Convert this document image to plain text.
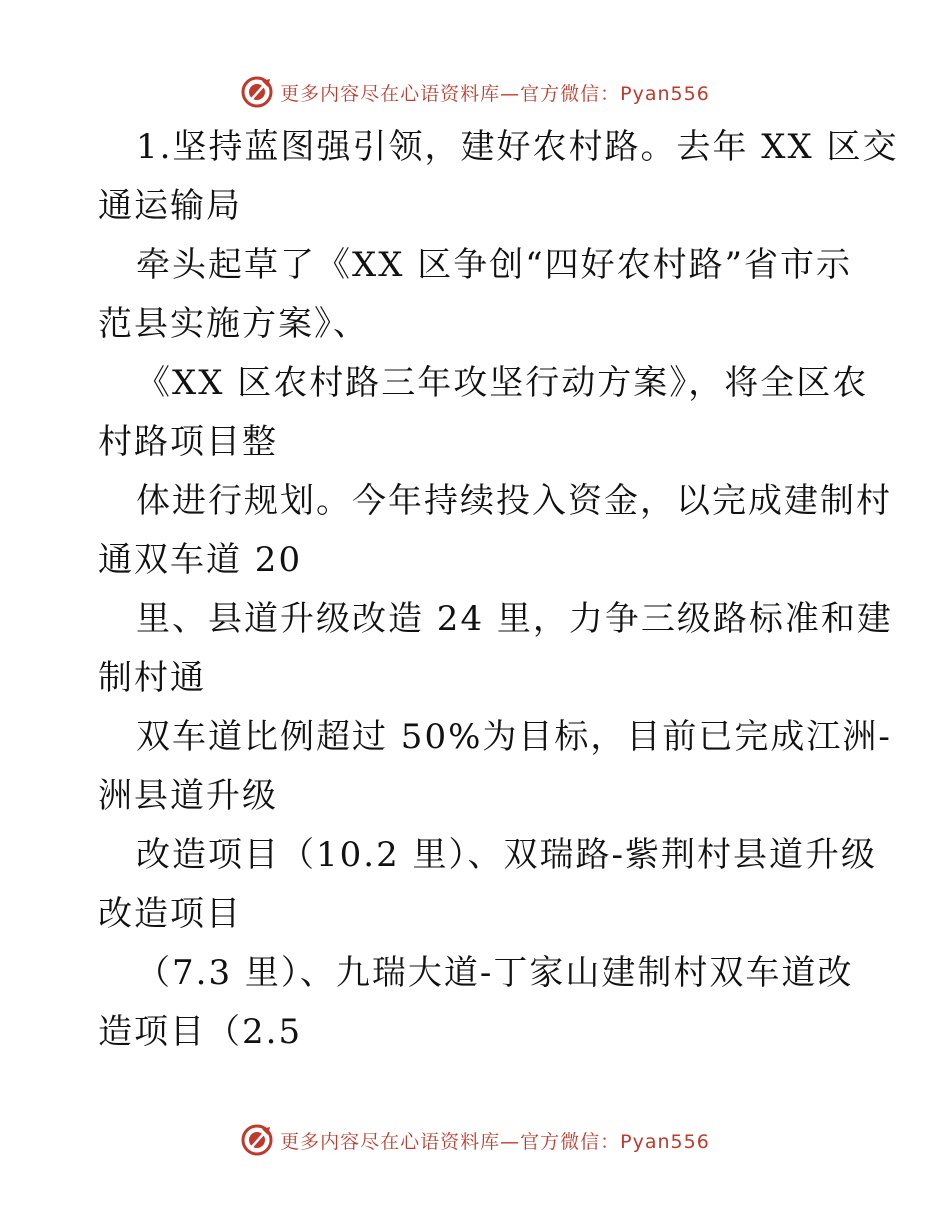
更多内容尽在心语资料库—官方微信：Pyan556
1.坚持蓝图强引领，建好农村路。去年 XX 区交
通运输局
牵头起草了《XX 区争创“四好农村路”省市示
范县实施方案》、
《XX 区农村路三年攻坚行动方案》，将全区农
村路项目整
体进行规划。今年持续投入资金，以完成建制村
通双车道 20
里、县道升级改造 24 里，力争三级路标准和建
制村通
双车道比例超过 50%为目标，目前已完成江洲-
洲县道升级
改造项目（10.2 里）、双瑞路-紫荆村县道升级
改造项目
（7.3 里）、九瑞大道-丁家山建制村双车道改
造项目（2.5
更多内容尽在心语资料库—官方微信：Pyan556
